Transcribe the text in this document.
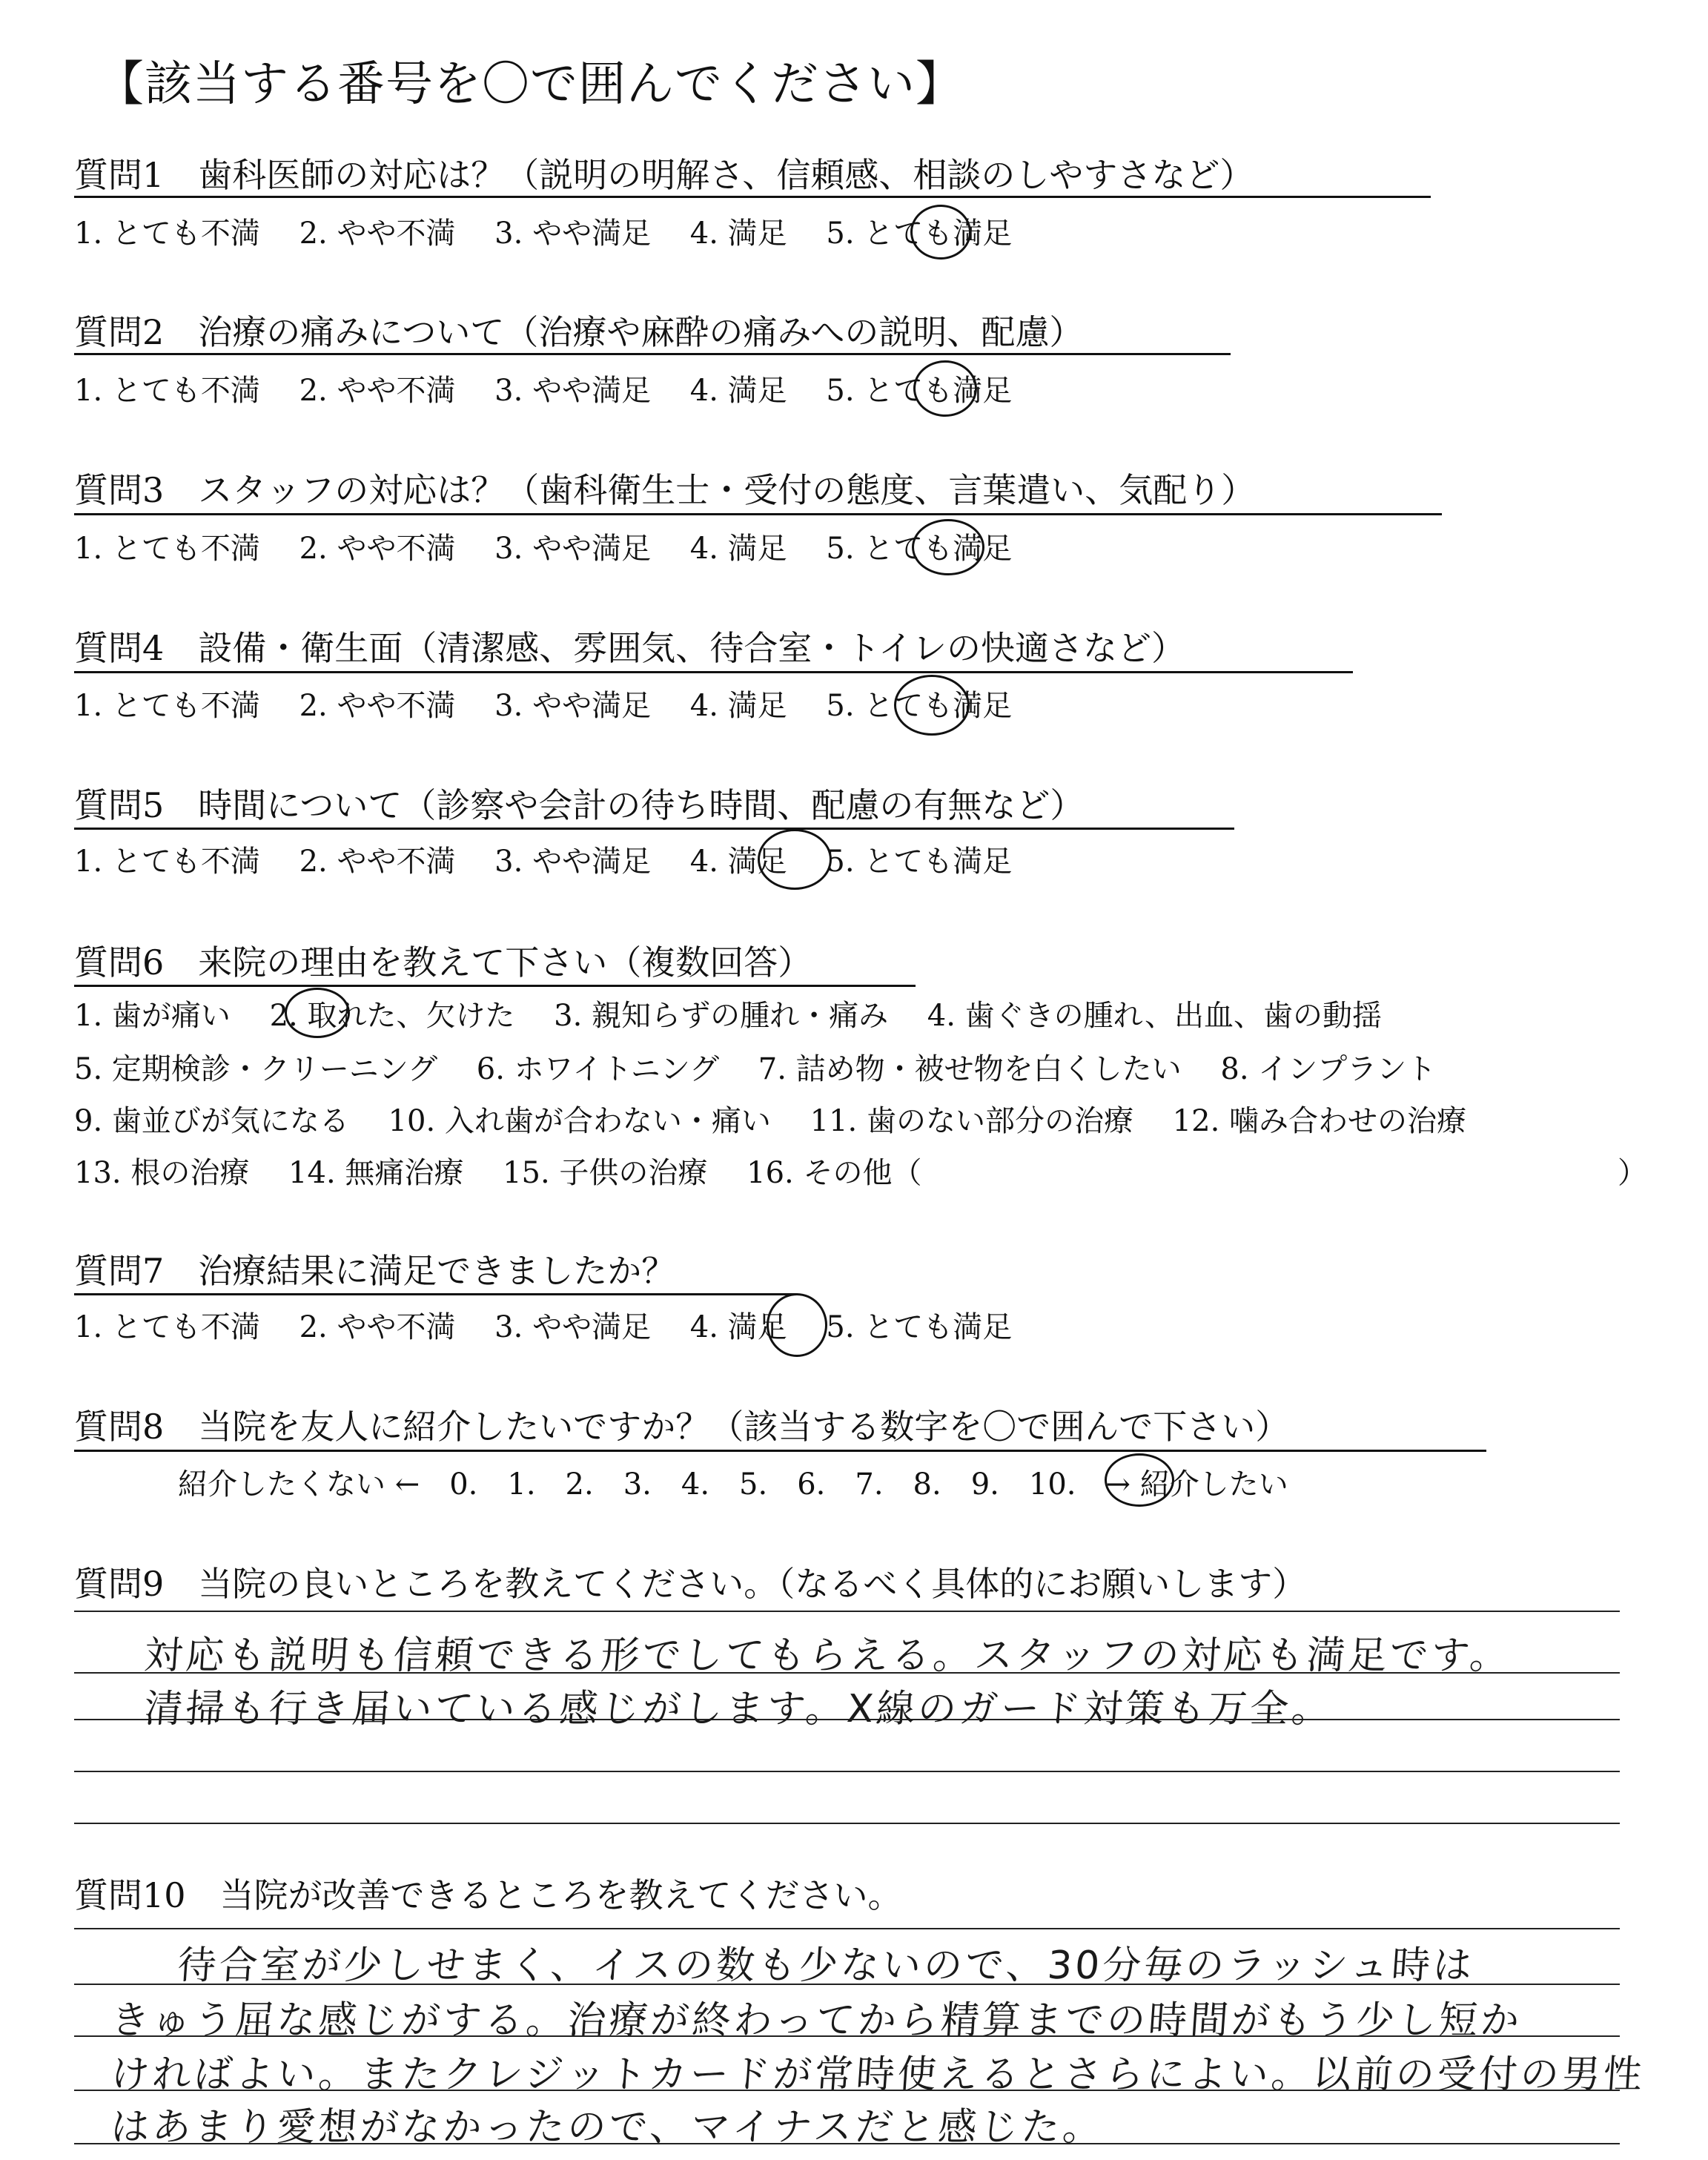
【該当する番号を〇で囲んでください】
質問1　歯科医師の対応は？（説明の明解さ、信頼感、相談のしやすさなど）
1. とても不満　 2. やや不満　 3. やや満足　 4. 満足　 5. とても満足
質問2　治療の痛みについて（治療や麻酔の痛みへの説明、配慮）
1. とても不満　 2. やや不満　 3. やや満足　 4. 満足　 5. とても満足
質問3　スタッフの対応は？（歯科衛生士・受付の態度、言葉遣い、気配り）
1. とても不満　 2. やや不満　 3. やや満足　 4. 満足　 5. とても満足
質問4　設備・衛生面（清潔感、雰囲気、待合室・トイレの快適さなど）
1. とても不満　 2. やや不満　 3. やや満足　 4. 満足　 5. とても満足
質問5　時間について（診察や会計の待ち時間、配慮の有無など）
1. とても不満　 2. やや不満　 3. やや満足　 4. 満足　 5. とても満足
質問6　来院の理由を教えて下さい（複数回答）
1. 歯が痛い　 2. 取れた、欠けた　 3. 親知らずの腫れ・痛み　 4. 歯ぐきの腫れ、出血、歯の動揺
5. 定期検診・クリーニング　 6. ホワイトニング　 7. 詰め物・被せ物を白くしたい　 8. インプラント
9. 歯並びが気になる　 10. 入れ歯が合わない・痛い　 11. 歯のない部分の治療　 12. 噛み合わせの治療
13. 根の治療　 14. 無痛治療　 15. 子供の治療　 16. その他（	）
質問7　治療結果に満足できましたか？
1. とても不満　 2. やや不満　 3. やや満足　 4. 満足　 5. とても満足
質問8　当院を友人に紹介したいですか？（該当する数字を〇で囲んで下さい）
紹介したくない ←　0.　1.　2.　3.　4.　5.　6.　7.　8.　9.　10.　→ 紹介したい
質問9　当院の良いところを教えてください。（なるべく具体的にお願いします）
対応も説明も信頼できる形でしてもらえる。スタッフの対応も満足です。
清掃も行き届いている感じがします。X線のガード対策も万全。
質問10　当院が改善できるところを教えてください。
待合室が少しせまく、イスの数も少ないので、30分毎のラッシュ時は
きゅう屈な感じがする。治療が終わってから精算までの時間がもう少し短か
ければよい。またクレジットカードが常時使えるとさらによい。以前の受付の男性
はあまり愛想がなかったので、マイナスだと感じた。
